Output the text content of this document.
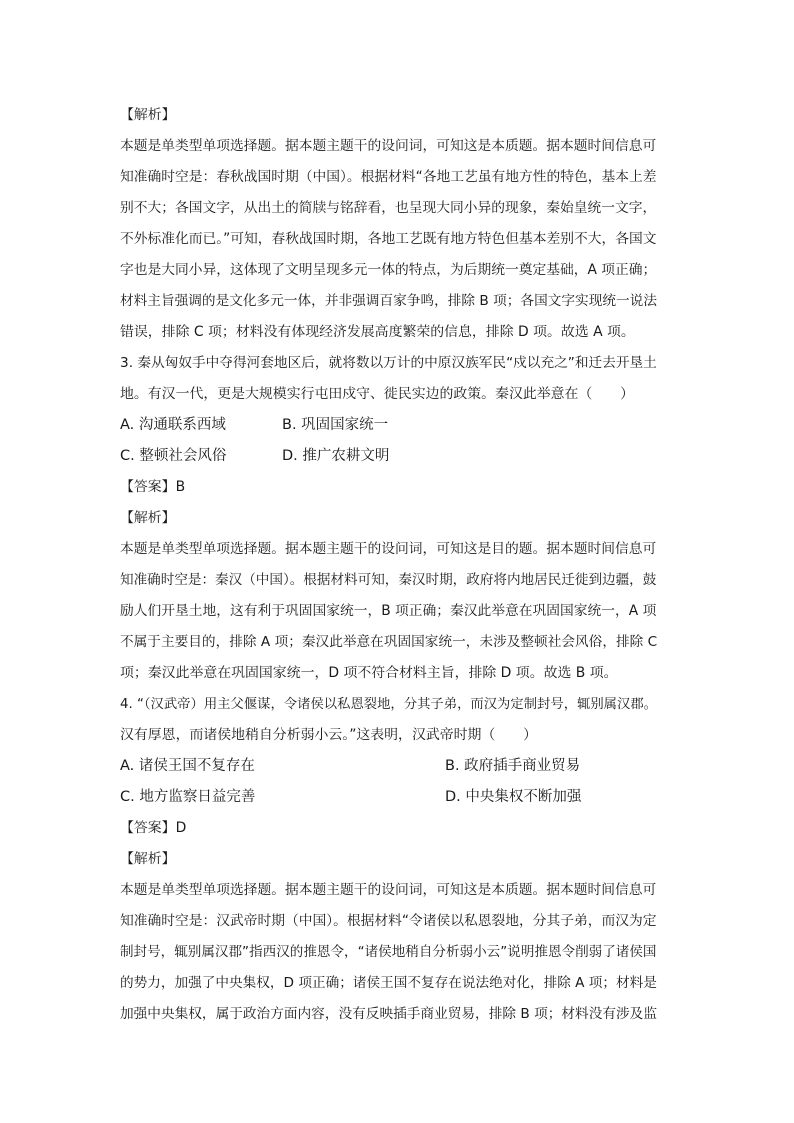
【解析】
本题是单类型单项选择题。据本题主题干的设问词，可知这是本质题。据本题时间信息可
知准确时空是：春秋战国时期（中国）。根据材料“各地工艺虽有地方性的特色，基本上差
别不大；各国文字，从出土的简牍与铭辞看，也呈现大同小异的现象，秦始皇统一文字，
不外标准化而已。”可知，春秋战国时期，各地工艺既有地方特色但基本差别不大，各国文
字也是大同小异，这体现了文明呈现多元一体的特点，为后期统一奠定基础，A 项正确；
材料主旨强调的是文化多元一体，并非强调百家争鸣，排除 B 项；各国文字实现统一说法
错误，排除 C 项；材料没有体现经济发展高度繁荣的信息，排除 D 项。故选 A 项。
3. 秦从匈奴手中夺得河套地区后，就将数以万计的中原汉族军民“戍以充之”和迁去开垦土
地。有汉一代，更是大规模实行屯田戍守、徙民实边的政策。秦汉此举意在（　　）
A. 沟通联系西域	B. 巩固国家统一
C. 整顿社会风俗	D. 推广农耕文明
【答案】B
【解析】
本题是单类型单项选择题。据本题主题干的设问词，可知这是目的题。据本题时间信息可
知准确时空是：秦汉（中国）。根据材料可知，秦汉时期，政府将内地居民迁徙到边疆，鼓
励人们开垦土地，这有利于巩固国家统一，B 项正确；秦汉此举意在巩固国家统一，A 项
不属于主要目的，排除 A 项；秦汉此举意在巩固国家统一，未涉及整顿社会风俗，排除 C
项；秦汉此举意在巩固国家统一，D 项不符合材料主旨，排除 D 项。故选 B 项。
4. “（汉武帝）用主父偃谋，令诸侯以私恩裂地，分其子弟，而汉为定制封号，辄别属汉郡。
汉有厚恩，而诸侯地稍自分析弱小云。”这表明，汉武帝时期（　　）
A. 诸侯王国不复存在	B. 政府插手商业贸易
C. 地方监察日益完善	D. 中央集权不断加强
【答案】D
【解析】
本题是单类型单项选择题。据本题主题干的设问词，可知这是本质题。据本题时间信息可
知准确时空是：汉武帝时期（中国）。根据材料“令诸侯以私恩裂地，分其子弟，而汉为定
制封号，辄别属汉郡”指西汉的推恩令，“诸侯地稍自分析弱小云”说明推恩令削弱了诸侯国
的势力，加强了中央集权，D 项正确；诸侯王国不复存在说法绝对化，排除 A 项；材料是
加强中央集权，属于政治方面内容，没有反映插手商业贸易，排除 B 项；材料没有涉及监
